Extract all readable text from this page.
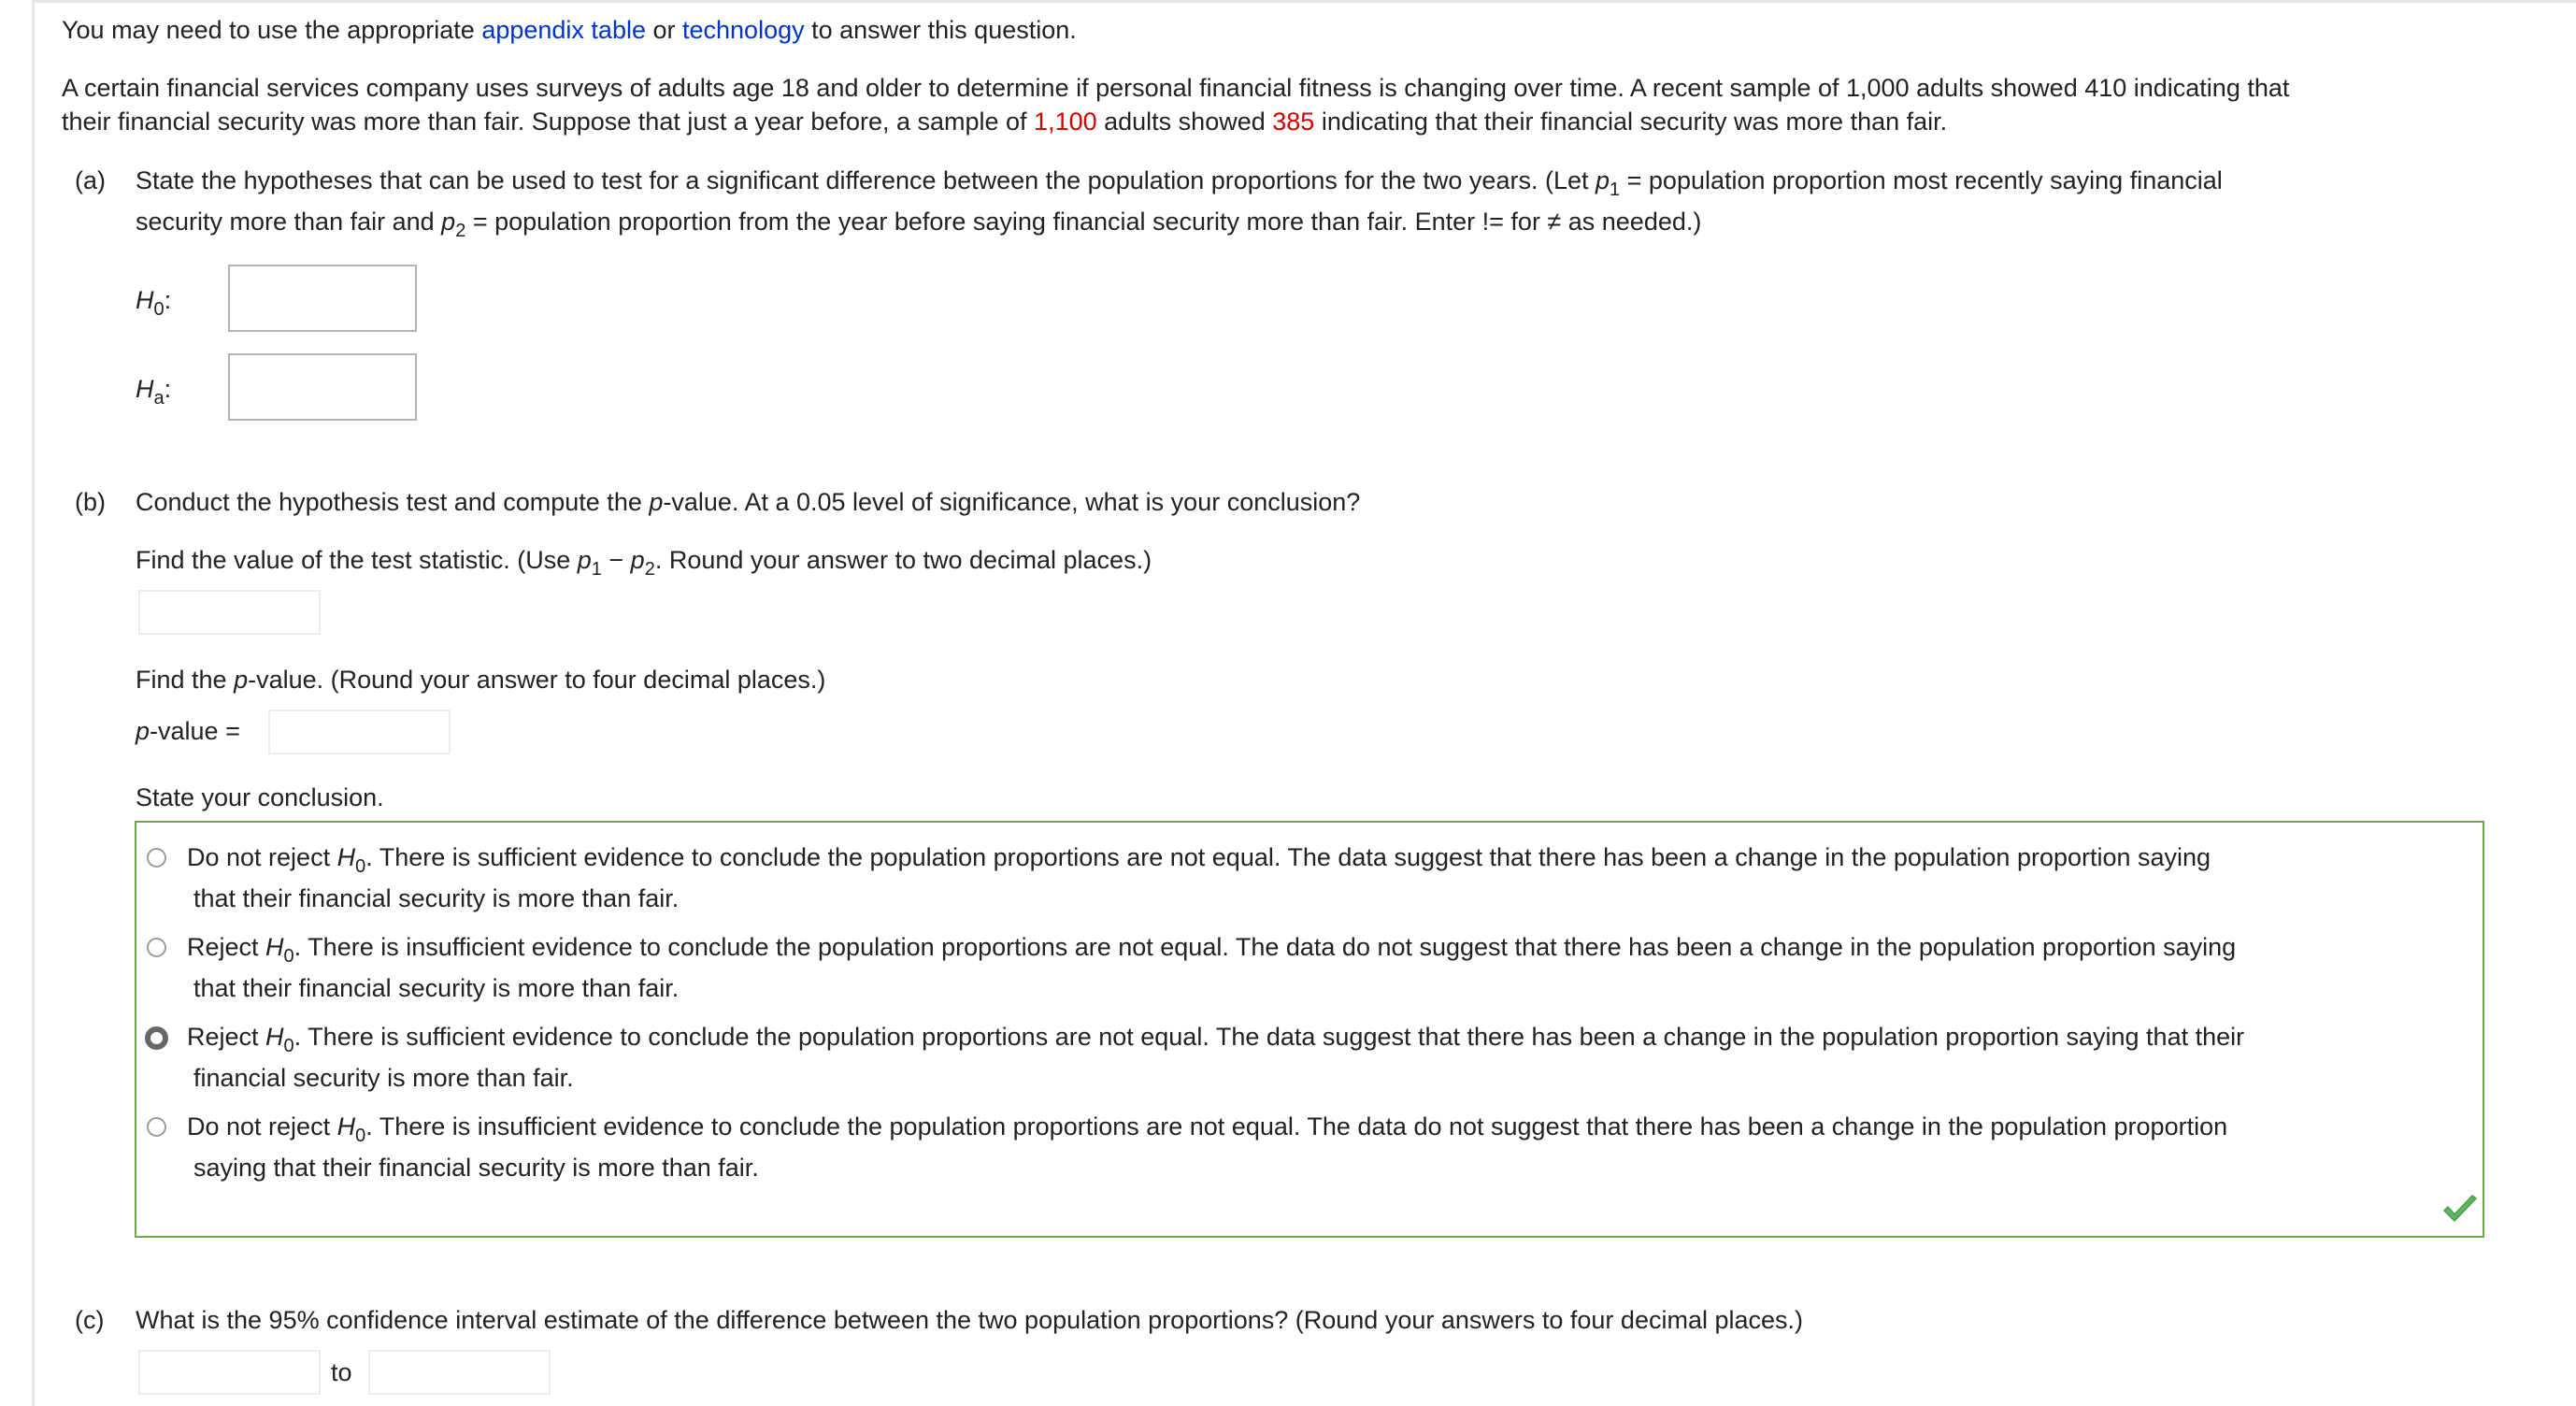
You may need to use the appropriate appendix table or technology to answer this question.
A certain financial services company uses surveys of adults age 18 and older to determine if personal financial fitness is changing over time. A recent sample of 1,000 adults showed 410 indicating that
their financial security was more than fair. Suppose that just a year before, a sample of 1,100 adults showed 385 indicating that their financial security was more than fair.
(a) State the hypotheses that can be used to test for a significant difference between the population proportions for the two years. (Let $p_1$ = population proportion most recently saying financial
security more than fair and $p_2$ = population proportion from the year before saying financial security more than fair. Enter != for ≠ as needed.)
$H_0$:
$H_a$:
(b) Conduct the hypothesis test and compute the p-value. At a 0.05 level of significance, what is your conclusion?
Find the value of the test statistic. (Use $p_1 - p_2$. Round your answer to two decimal places.)
Find the p-value. (Round your answer to four decimal places.)
p-value =
State your conclusion.
Do not reject $H_0$. There is sufficient evidence to conclude the population proportions are not equal. The data suggest that there has been a change in the population proportion saying
that their financial security is more than fair.
Reject $H_0$. There is insufficient evidence to conclude the population proportions are not equal. The data do not suggest that there has been a change in the population proportion saying
that their financial security is more than fair.
Reject $H_0$. There is sufficient evidence to conclude the population proportions are not equal. The data suggest that there has been a change in the population proportion saying that their
financial security is more than fair.
Do not reject $H_0$. There is insufficient evidence to conclude the population proportions are not equal. The data do not suggest that there has been a change in the population proportion
saying that their financial security is more than fair.
(c) What is the 95% confidence interval estimate of the difference between the two population proportions? (Round your answers to four decimal places.)
to
